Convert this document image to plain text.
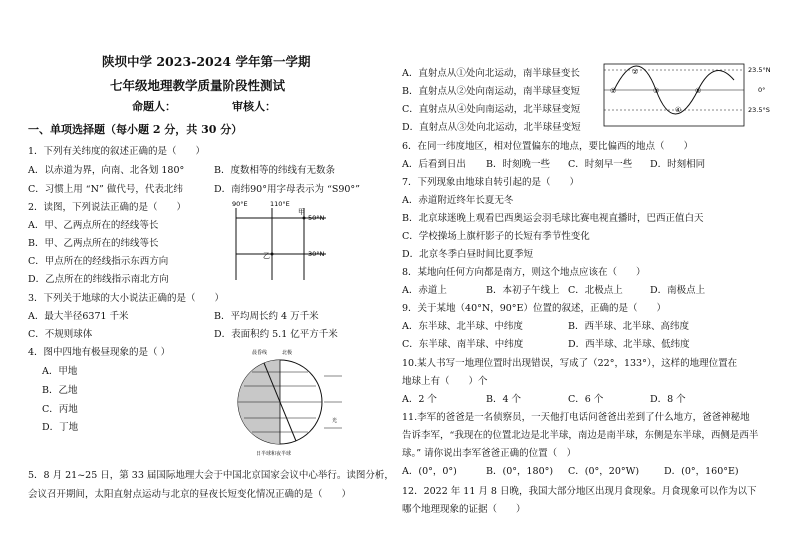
陕坝中学 2023-2024 学年第一学期
七年级地理教学质量阶段性测试
命题人：	审核人：
一、单项选择题（每小题 2 分，共 30 分）
1．下列有关纬度的叙述正确的是（　　）
A．以赤道为界，向南、北各划 180°	B．度数相等的纬线有无数条
C．习惯上用 “N” 做代号，代表北纬	D．南纬90°用字母表示为 “S90°”
2．读图，下列说法正确的是（　　）
A．甲、乙两点所在的经线等长
B．甲、乙两点所在的纬线等长
C．甲点所在的经线指示东西方向
D．乙点所在的纬线指示南北方向
3．下列关于地球的大小说法正确的是（　　）
A．最大半径6371 千米	B．平均周长约 4 万千米
C．不规则球体	D．表面积约 5.1 亿平方千米
4．图中四地有极昼现象的是（ ）
A．甲地
B．乙地
C．丙地
D．丁地
5．8 月 21~25 日，第 33 届国际地理大会于中国北京国家会议中心举行。读图分析，
会议召开期间，太阳直射点运动与北京的昼夜长短变化情况正确的是（　　）
90°E	110°E
50°N
30°N
甲
乙
晨昏线	北极
光
日半球和夜半球
A．直射点从①处向北运动，南半球昼变长
B．直射点从②处向南运动，南半球昼变短
C．直射点从④处向南运动，北半球昼变短
D．直射点从③处向北运动，北半球昼变短
6．在同一纬度地区，相对位置偏东的地点，要比偏西的地点（　　）
A．后看到日出 B．时刻晚一些 C．时刻早一些 D．时刻相同
7．下列现象由地球自转引起的是（　　）
A．赤道附近终年长夏无冬
B．北京球迷晚上观看巴西奥运会羽毛球比赛电视直播时，巴西正值白天
C．学校操场上旗杆影子的长短有季节性变化
D．北京冬季白昼时间比夏季短
8．某地向任何方向都是南方，则这个地点应该在（　　）
A．赤道上	B．本初子午线上 C．北极点上	D．南极点上
9．关于某地（40°N，90°E）位置的叙述，正确的是（　　）
A．东半球、北半球、中纬度	B．西半球、北半球、高纬度
C．东半球、南半球、中纬度	D．西半球、北半球、低纬度
10.某人书写一地理位置时出现错误，写成了（22°，133°），这样的地理位置在
地球上有（　　）个
A．2 个	B．4 个	C．6 个	D．8 个
11.李军的爸爸是一名侦察员，一天他打电话问爸爸出差到了什么地方，爸爸神秘地
告诉李军，“我现在的位置北边是北半球，南边是南半球，东侧是东半球，西侧是西半
球。” 请你说出李军爸爸正确的位置（　）
A．(0°，0°)	B．(0°，180°) C．(0°，20°W)	D．(0°，160°E)
12．2022 年 11 月 8 日晚，我国大部分地区出现月食现象。月食现象可以作为以下
哪个地理现象的证据（　　）
①
②
③
④
⑤
23.5°N
0°
23.5°S
